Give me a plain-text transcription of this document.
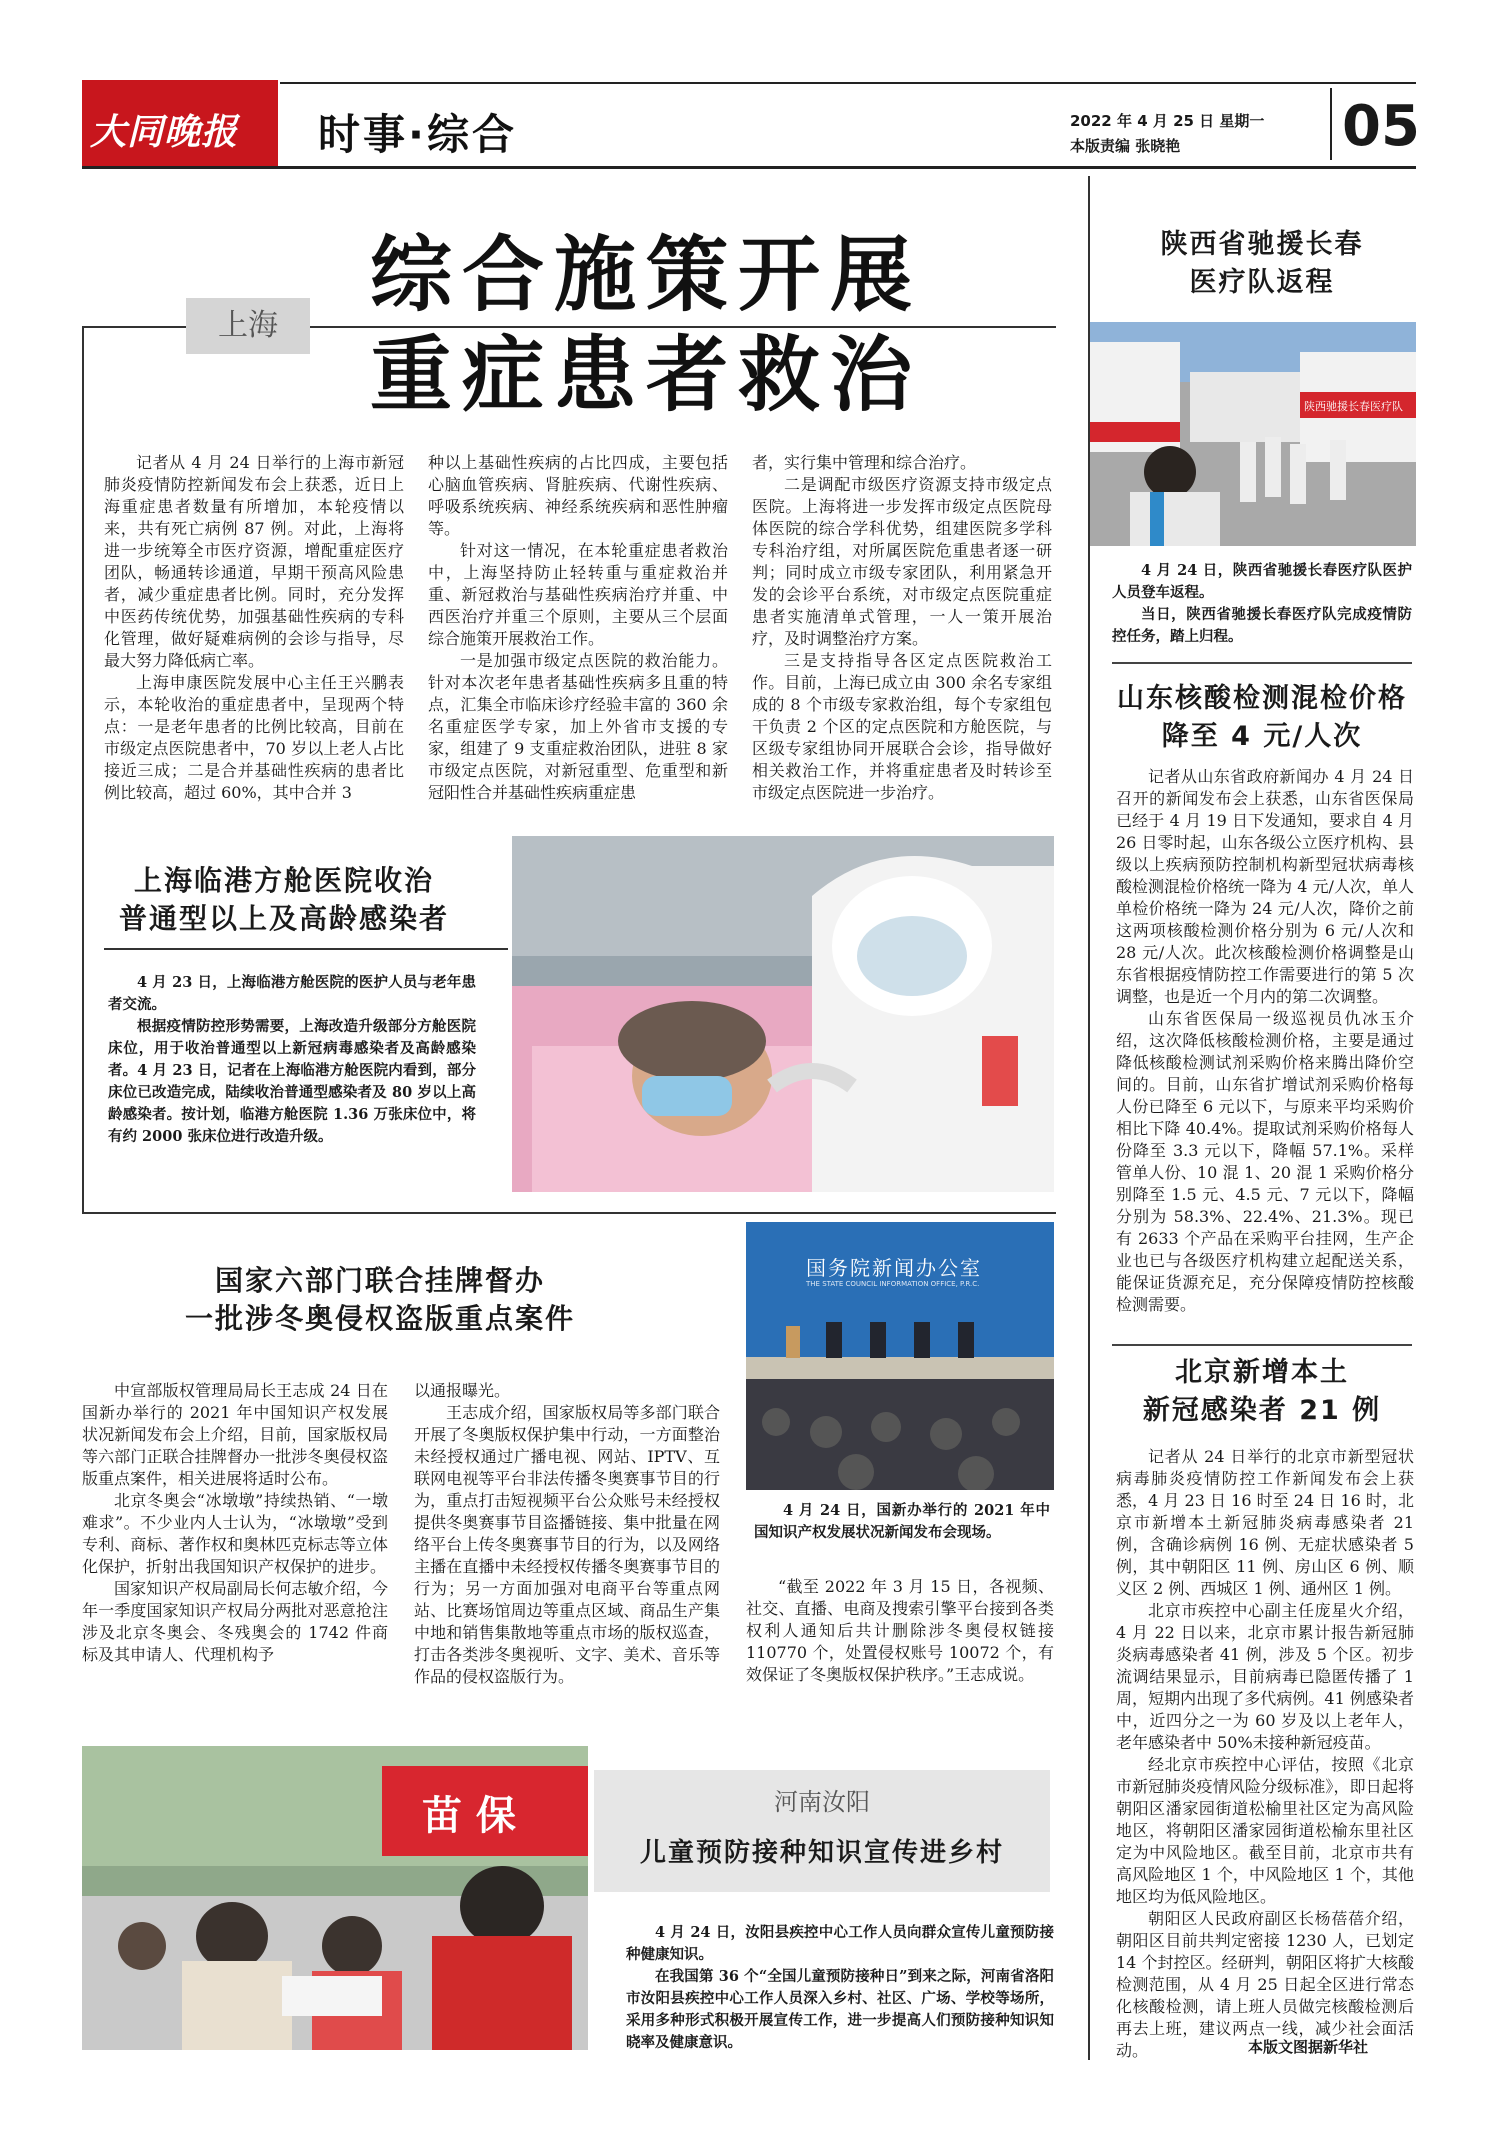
大同晚报	时事·综合	2022 年 4 月 25 日 星期一
本版责编 张晓艳	05
上海
综合施策开展
重症患者救治

记者从 4 月 24 日举行的上海市新冠肺炎疫情防控新闻发布会上获悉，近日上海重症患者数量有所增加，本轮疫情以来，共有死亡病例 87 例。对此，上海将进一步统筹全市医疗资源，增配重症医疗团队，畅通转诊通道，早期干预高风险患者，减少重症患者比例。同时，充分发挥中医药传统优势，加强基础性疾病的专科化管理，做好疑难病例的会诊与指导，尽最大努力降低病亡率。

上海申康医院发展中心主任王兴鹏表示，本轮收治的重症患者中，呈现两个特点：一是老年患者的比例比较高，目前在市级定点医院患者中，70 岁以上老人占比接近三成；二是合并基础性疾病的患者比例比较高，超过 60%，其中合并 3

种以上基础性疾病的占比四成，主要包括心脑血管疾病、肾脏疾病、代谢性疾病、呼吸系统疾病、神经系统疾病和恶性肿瘤等。

针对这一情况，在本轮重症患者救治中，上海坚持防止轻转重与重症救治并重、新冠救治与基础性疾病治疗并重、中西医治疗并重三个原则，主要从三个层面综合施策开展救治工作。

一是加强市级定点医院的救治能力。针对本次老年患者基础性疾病多且重的特点，汇集全市临床诊疗经验丰富的 360 余名重症医学专家，加上外省市支援的专家，组建了 9 支重症救治团队，进驻 8 家市级定点医院，对新冠重型、危重型和新冠阳性合并基础性疾病重症患

者，实行集中管理和综合治疗。

二是调配市级医疗资源支持市级定点医院。上海将进一步发挥市级定点医院母体医院的综合学科优势，组建医院多学科专科治疗组，对所属医院危重患者逐一研判；同时成立市级专家团队，利用紧急开发的会诊平台系统，对市级定点医院重症患者实施清单式管理，一人一策开展治疗，及时调整治疗方案。

三是支持指导各区定点医院救治工作。目前，上海已成立由 300 余名专家组成的 8 个市级专家救治组，每个专家组包干负责 2 个区的定点医院和方舱医院，与区级专家组协同开展联合会诊，指导做好相关救治工作，并将重症患者及时转诊至市级定点医院进一步治疗。

上海临港方舱医院收治
普通型以上及高龄感染者

4 月 23 日，上海临港方舱医院的医护人员与老年患者交流。

根据疫情防控形势需要，上海改造升级部分方舱医院床位，用于收治普通型以上新冠病毒感染者及高龄感染者。4 月 23 日，记者在上海临港方舱医院内看到，部分床位已改造完成，陆续收治普通型感染者及 80 岁以上高龄感染者。按计划，临港方舱医院 1.36 万张床位中，将有约 2000 张床位进行改造升级。

国家六部门联合挂牌督办
一批涉冬奥侵权盗版重点案件

中宣部版权管理局局长王志成 24 日在国新办举行的 2021 年中国知识产权发展状况新闻发布会上介绍，目前，国家版权局等六部门正联合挂牌督办一批涉冬奥侵权盗版重点案件，相关进展将适时公布。

北京冬奥会“冰墩墩”持续热销、“一墩难求”。不少业内人士认为，“冰墩墩”受到专利、商标、著作权和奥林匹克标志等立体化保护，折射出我国知识产权保护的进步。

国家知识产权局副局长何志敏介绍，今年一季度国家知识产权局分两批对恶意抢注涉及北京冬奥会、冬残奥会的 1742 件商标及其申请人、代理机构予

以通报曝光。

王志成介绍，国家版权局等多部门联合开展了冬奥版权保护集中行动，一方面整治未经授权通过广播电视、网站、IPTV、互联网电视等平台非法传播冬奥赛事节目的行为，重点打击短视频平台公众账号未经授权提供冬奥赛事节目盗播链接、集中批量在网络平台上传冬奥赛事节目的行为，以及网络主播在直播中未经授权传播冬奥赛事节目的行为；另一方面加强对电商平台等重点网站、比赛场馆周边等重点区域、商品生产集中地和销售集散地等重点市场的版权巡查，打击各类涉冬奥视听、文字、美术、音乐等作品的侵权盗版行为。

国务院新闻办公室
THE STATE COUNCIL INFORMATION OFFICE, P.R.C.

4 月 24 日，国新办举行的 2021 年中国知识产权发展状况新闻发布会现场。

“截至 2022 年 3 月 15 日，各视频、社交、直播、电商及搜索引擎平台接到各类权利人通知后共计删除涉冬奥侵权链接 110770 个，处置侵权账号 10072 个，有效保证了冬奥版权保护秩序。”王志成说。

苗 保	河南汝阳
儿童预防接种知识宣传进乡村

4 月 24 日，汝阳县疾控中心工作人员向群众宣传儿童预防接种健康知识。

在我国第 36 个“全国儿童预防接种日”到来之际，河南省洛阳市汝阳县疾控中心工作人员深入乡村、社区、广场、学校等场所，采用多种形式积极开展宣传工作，进一步提高人们预防接种知识知晓率及健康意识。

陕西省驰援长春
医疗队返程
陕西驰援长春医疗队

4 月 24 日，陕西省驰援长春医疗队医护人员登车返程。

当日，陕西省驰援长春医疗队完成疫情防控任务，踏上归程。

山东核酸检测混检价格
降至 4 元/人次

记者从山东省政府新闻办 4 月 24 日召开的新闻发布会上获悉，山东省医保局已经于 4 月 19 日下发通知，要求自 4 月 26 日零时起，山东各级公立医疗机构、县级以上疾病预防控制机构新型冠状病毒核酸检测混检价格统一降为 4 元/人次，单人单检价格统一降为 24 元/人次，降价之前这两项核酸检测价格分别为 6 元/人次和 28 元/人次。此次核酸检测价格调整是山东省根据疫情防控工作需要进行的第 5 次调整，也是近一个月内的第二次调整。

山东省医保局一级巡视员仇冰玉介绍，这次降低核酸检测价格，主要是通过降低核酸检测试剂采购价格来腾出降价空间的。目前，山东省扩增试剂采购价格每人份已降至 6 元以下，与原来平均采购价相比下降 40.4%。提取试剂采购价格每人份降至 3.3 元以下，降幅 57.1%。采样管单人份、10 混 1、20 混 1 采购价格分别降至 1.5 元、4.5 元、7 元以下，降幅分别为 58.3%、22.4%、21.3%。现已有 2633 个产品在采购平台挂网，生产企业也已与各级医疗机构建立起配送关系，能保证货源充足，充分保障疫情防控核酸检测需要。

北京新增本土
新冠感染者 21 例

记者从 24 日举行的北京市新型冠状病毒肺炎疫情防控工作新闻发布会上获悉，4 月 23 日 16 时至 24 日 16 时，北京市新增本土新冠肺炎病毒感染者 21 例，含确诊病例 16 例、无症状感染者 5 例，其中朝阳区 11 例、房山区 6 例、顺义区 2 例、西城区 1 例、通州区 1 例。

北京市疾控中心副主任庞星火介绍，4 月 22 日以来，北京市累计报告新冠肺炎病毒感染者 41 例，涉及 5 个区。初步流调结果显示，目前病毒已隐匿传播了 1 周，短期内出现了多代病例。41 例感染者中，近四分之一为 60 岁及以上老年人，老年感染者中 50%未接种新冠疫苗。

经北京市疾控中心评估，按照《北京市新冠肺炎疫情风险分级标准》，即日起将朝阳区潘家园街道松榆里社区定为高风险地区，将朝阳区潘家园街道松榆东里社区定为中风险地区。截至目前，北京市共有高风险地区 1 个，中风险地区 1 个，其他地区均为低风险地区。

朝阳区人民政府副区长杨蓓蓓介绍，朝阳区目前共判定密接 1230 人，已划定 14 个封控区。经研判，朝阳区将扩大核酸检测范围，从 4 月 25 日起全区进行常态化核酸检测，请上班人员做完核酸检测后再去上班，建议两点一线，减少社会面活动。	本版文图据新华社
